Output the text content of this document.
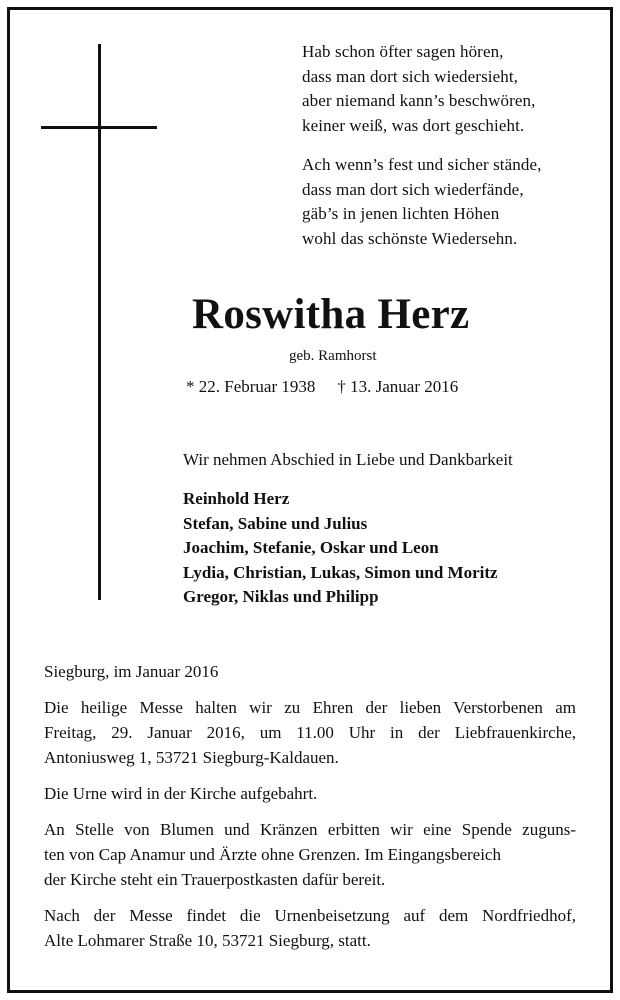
Hab schon öfter sagen hören,
dass man dort sich wiedersieht,
aber niemand kann’s beschwören,
keiner weiß, was dort geschieht.
Ach wenn’s fest und sicher stände,
dass man dort sich wiederfände,
gäb’s in jenen lichten Höhen
wohl das schönste Wiedersehn.
Roswitha Herz
geb. Ramhorst
* 22. Februar 1938 † 13. Januar 2016
Wir nehmen Abschied in Liebe und Dankbarkeit
Reinhold Herz
Stefan, Sabine und Julius
Joachim, Stefanie, Oskar und Leon
Lydia, Christian, Lukas, Simon und Moritz
Gregor, Niklas und Philipp

Siegburg, im Januar 2016

Die heilige Messe halten wir zu Ehren der lieben Verstorbenen am
Freitag, 29. Januar 2016, um 11.00 Uhr in der Liebfrauenkirche,
Antoniusweg 1, 53721 Siegburg-Kaldauen.

Die Urne wird in der Kirche aufgebahrt.

An Stelle von Blumen und Kränzen erbitten wir eine Spende zuguns-
ten von Cap Anamur und Ärzte ohne Grenzen. Im Eingangsbereich
der Kirche steht ein Trauerpostkasten dafür bereit.

Nach der Messe findet die Urnenbeisetzung auf dem Nordfriedhof,
Alte Lohmarer Straße 10, 53721 Siegburg, statt.
